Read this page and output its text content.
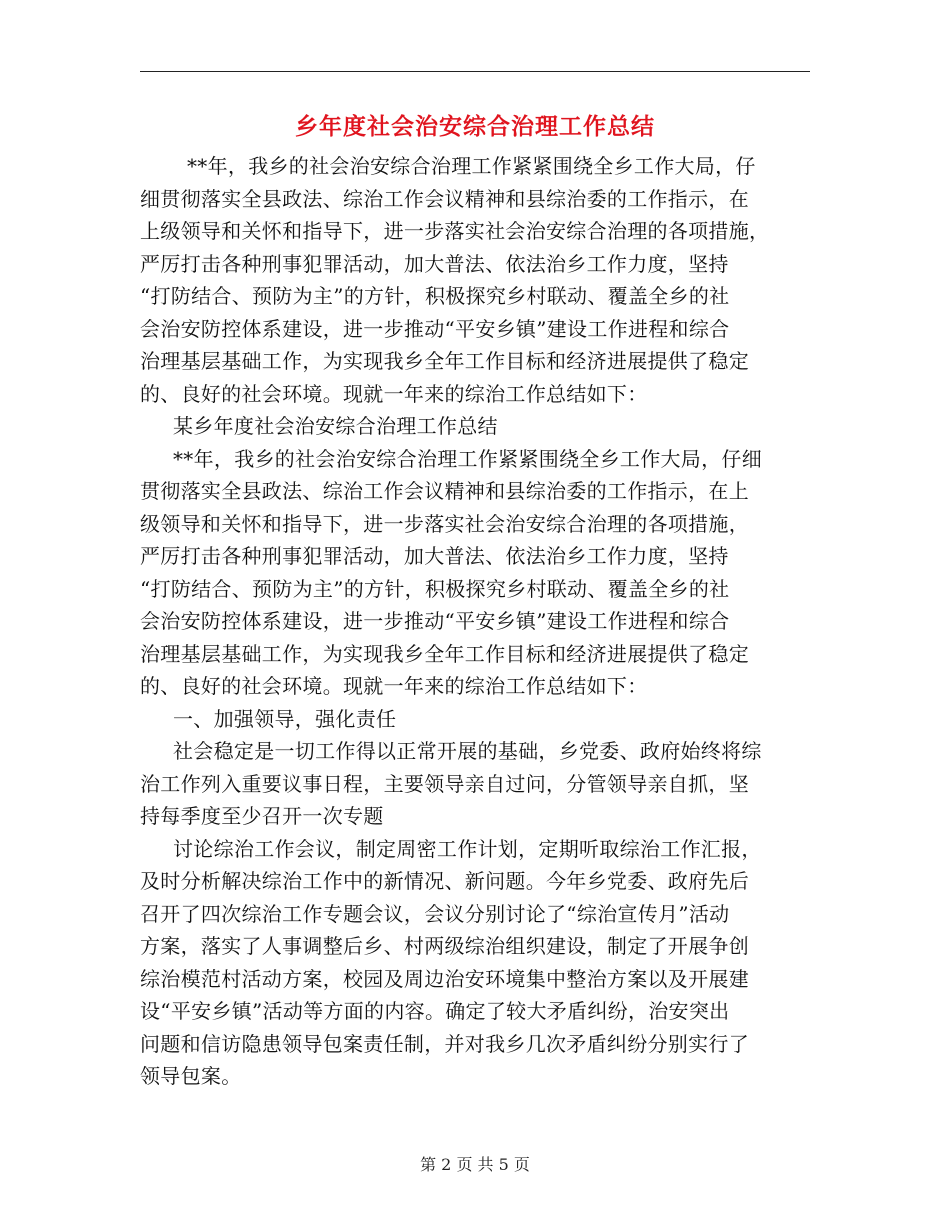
乡年度社会治安综合治理工作总结
**年，我乡的社会治安综合治理工作紧紧围绕全乡工作大局，仔
细贯彻落实全县政法、综治工作会议精神和县综治委的工作指示，在
上级领导和关怀和指导下，进一步落实社会治安综合治理的各项措施，
严厉打击各种刑事犯罪活动，加大普法、依法治乡工作力度，坚持
“打防结合、预防为主”的方针，积极探究乡村联动、覆盖全乡的社
会治安防控体系建设，进一步推动“平安乡镇”建设工作进程和综合
治理基层基础工作，为实现我乡全年工作目标和经济进展提供了稳定
的、良好的社会环境。现就一年来的综治工作总结如下：
某乡年度社会治安综合治理工作总结
**年，我乡的社会治安综合治理工作紧紧围绕全乡工作大局，仔细
贯彻落实全县政法、综治工作会议精神和县综治委的工作指示，在上
级领导和关怀和指导下，进一步落实社会治安综合治理的各项措施，
严厉打击各种刑事犯罪活动，加大普法、依法治乡工作力度，坚持
“打防结合、预防为主”的方针，积极探究乡村联动、覆盖全乡的社
会治安防控体系建设，进一步推动“平安乡镇”建设工作进程和综合
治理基层基础工作，为实现我乡全年工作目标和经济进展提供了稳定
的、良好的社会环境。现就一年来的综治工作总结如下：
一、加强领导，强化责任
社会稳定是一切工作得以正常开展的基础，乡党委、政府始终将综
治工作列入重要议事日程，主要领导亲自过问，分管领导亲自抓，坚
持每季度至少召开一次专题
讨论综治工作会议，制定周密工作计划，定期听取综治工作汇报，
及时分析解决综治工作中的新情况、新问题。今年乡党委、政府先后
召开了四次综治工作专题会议，会议分别讨论了“综治宣传月”活动
方案，落实了人事调整后乡、村两级综治组织建设，制定了开展争创
综治模范村活动方案，校园及周边治安环境集中整治方案以及开展建
设“平安乡镇”活动等方面的内容。确定了较大矛盾纠纷，治安突出
问题和信访隐患领导包案责任制，并对我乡几次矛盾纠纷分别实行了
领导包案。
第 2 页 共 5 页
